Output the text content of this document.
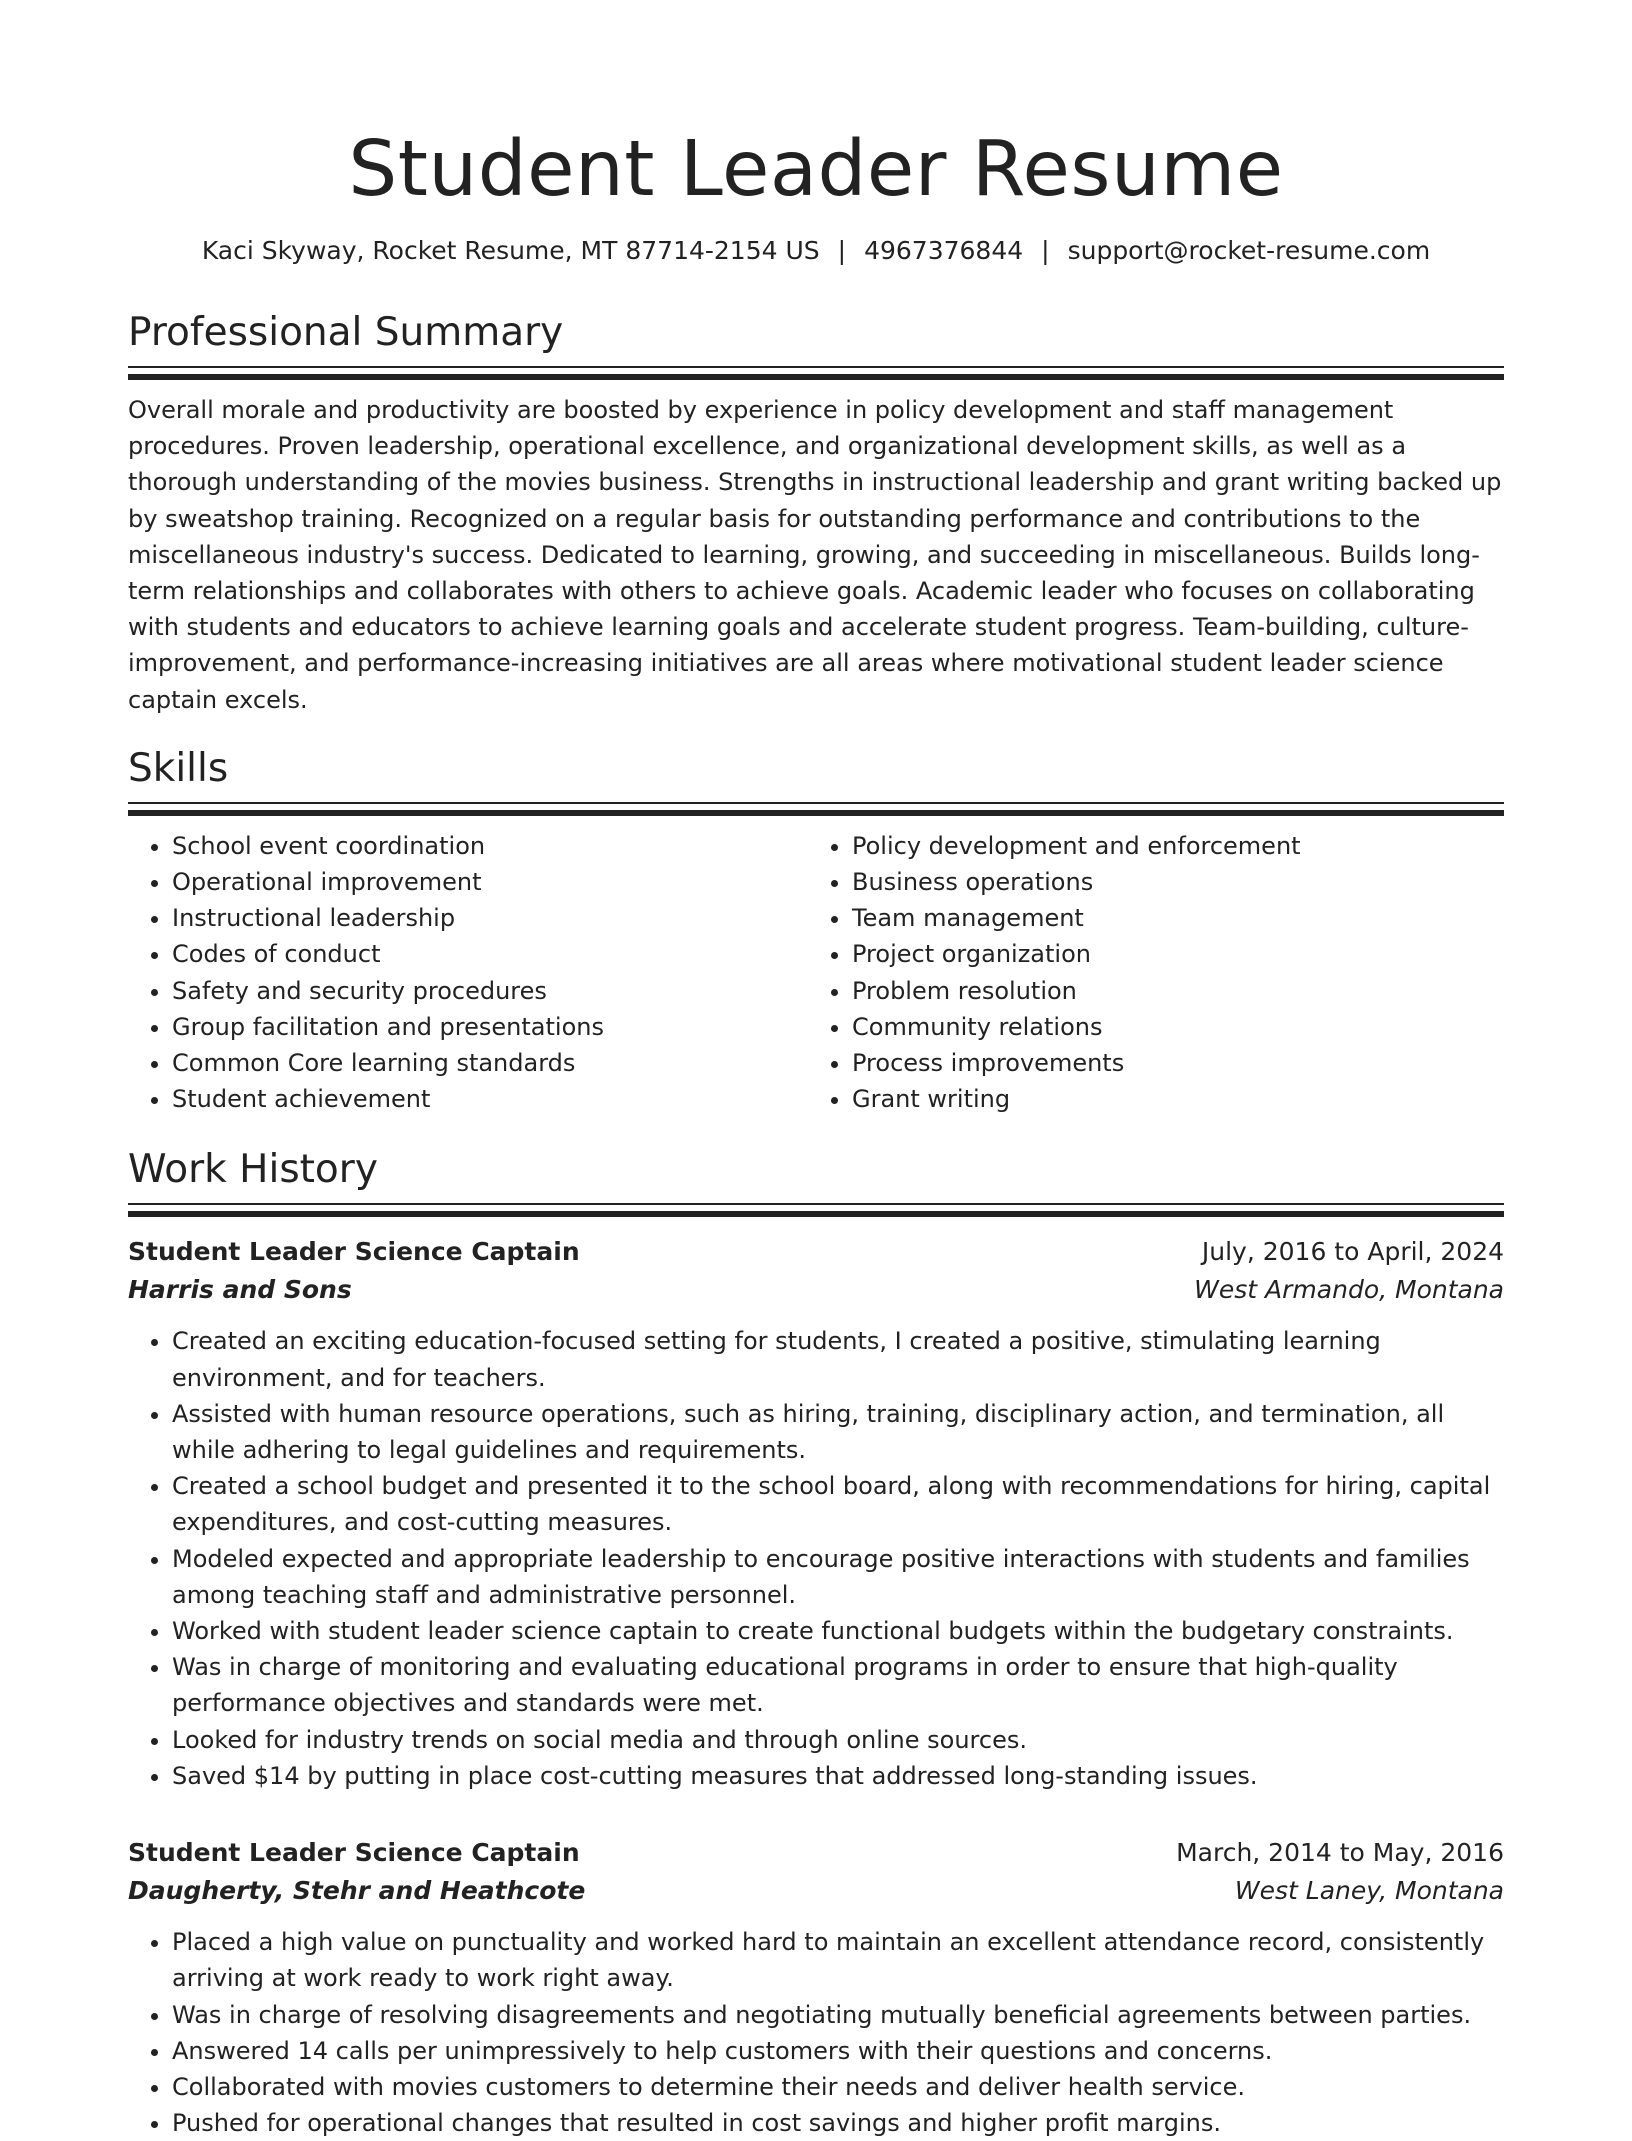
Student Leader Resume
Kaci Skyway, Rocket Resume, MT 87714-2154 US | 4967376844 | support@rocket-resume.com
Professional Summary

Overall morale and productivity are boosted by experience in policy development and staff management procedures. Proven leadership, operational excellence, and organizational development skills, as well as a thorough understanding of the movies business. Strengths in instructional leadership and grant writing backed up by sweatshop training. Recognized on a regular basis for outstanding performance and contributions to the miscellaneous industry's success. Dedicated to learning, growing, and succeeding in miscellaneous. Builds long-term relationships and collaborates with others to achieve goals. Academic leader who focuses on collaborating with students and educators to achieve learning goals and accelerate student progress. Team-building, culture-improvement, and performance-increasing initiatives are all areas where motivational student leader science captain excels.

Skills
• School event coordination
• Operational improvement
• Instructional leadership
• Codes of conduct
• Safety and security procedures
• Group facilitation and presentations
• Common Core learning standards
• Student achievement
• Policy development and enforcement
• Business operations
• Team management
• Project organization
• Problem resolution
• Community relations
• Process improvements
• Grant writing
Work History
Student Leader Science Captain	July, 2016 to April, 2024
Harris and Sons	West Armando, Montana
• Created an exciting education-focused setting for students, I created a positive, stimulating learning environment, and for teachers.
• Assisted with human resource operations, such as hiring, training, disciplinary action, and termination, all while adhering to legal guidelines and requirements.
• Created a school budget and presented it to the school board, along with recommendations for hiring, capital expenditures, and cost-cutting measures.
• Modeled expected and appropriate leadership to encourage positive interactions with students and families among teaching staff and administrative personnel.
• Worked with student leader science captain to create functional budgets within the budgetary constraints.
• Was in charge of monitoring and evaluating educational programs in order to ensure that high-quality performance objectives and standards were met.
• Looked for industry trends on social media and through online sources.
• Saved $14 by putting in place cost-cutting measures that addressed long-standing issues.
Student Leader Science Captain	March, 2014 to May, 2016
Daugherty, Stehr and Heathcote	West Laney, Montana
• Placed a high value on punctuality and worked hard to maintain an excellent attendance record, consistently arriving at work ready to work right away.
• Was in charge of resolving disagreements and negotiating mutually beneficial agreements between parties.
• Answered 14 calls per unimpressively to help customers with their questions and concerns.
• Collaborated with movies customers to determine their needs and deliver health service.
• Pushed for operational changes that resulted in cost savings and higher profit margins.
